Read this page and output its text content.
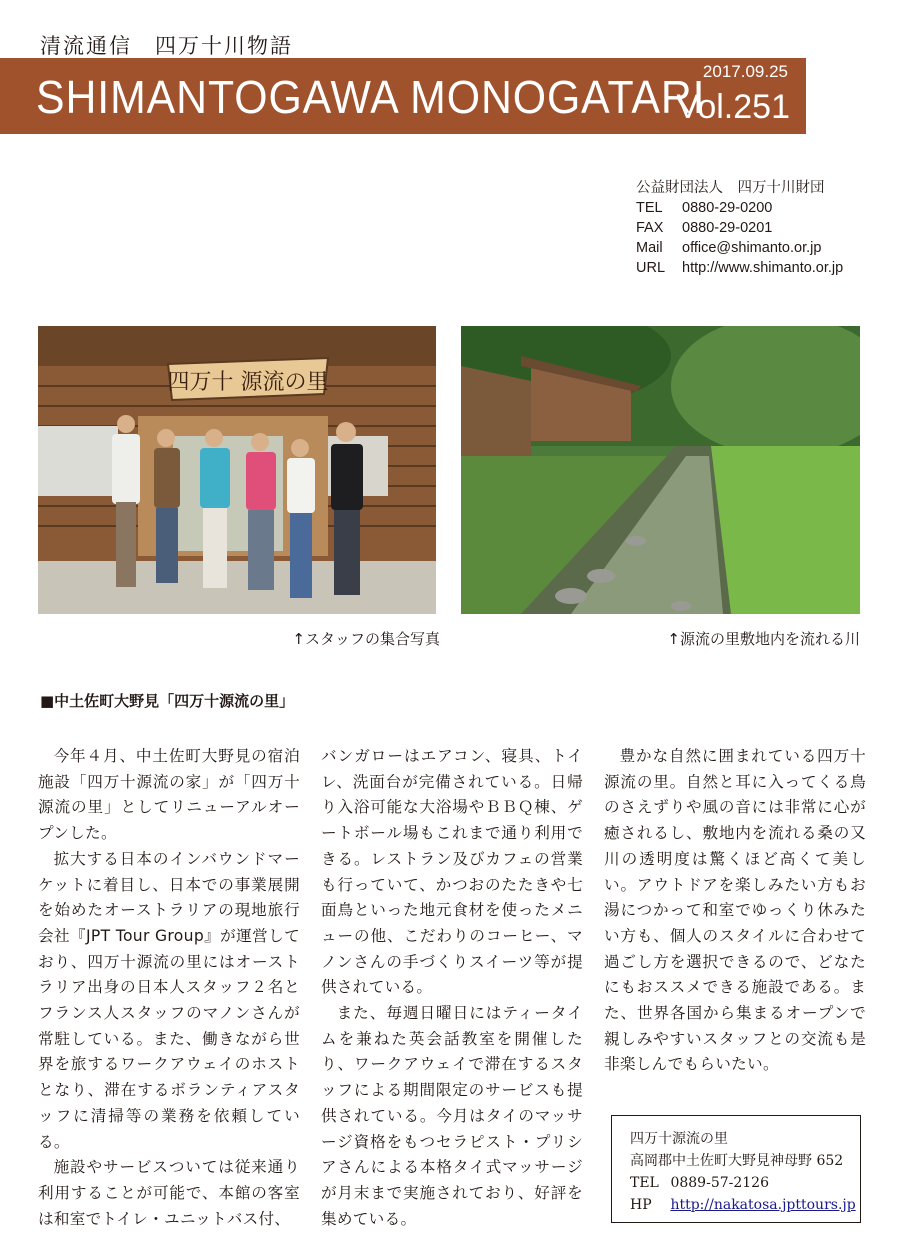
清流通信　四万十川物語
SHIMANTOGAWA MONOGATARI
2017.09.25
Vol.251
公益財団法人　四万十川財団
TEL 0880-29-0200
FAX 0880-29-0201
Mail office@shimanto.or.jp
URL http://www.shimanto.or.jp
四万十 源流の里
↑スタッフの集合写真	↑源流の里敷地内を流れる川
■中土佐町大野見「四万十源流の里」

今年４月、中土佐町大野見の宿泊施設「四万十源流の家」が「四万十源流の里」としてリニューアルオープンした。

拡大する日本のインバウンドマーケットに着目し、日本での事業展開を始めたオーストラリアの現地旅行会社『JPT Tour Group』が運営しており、四万十源流の里にはオーストラリア出身の日本人スタッフ２名とフランス人スタッフのマノンさんが常駐している。また、働きながら世界を旅するワークアウェイのホストとなり、滞在するボランティアスタッフに清掃等の業務を依頼している。

施設やサービスついては従来通り利用することが可能で、本館の客室は和室でトイレ・ユニットバス付、

バンガローはエアコン、寝具、トイレ、洗面台が完備されている。日帰り入浴可能な大浴場やＢＢＱ棟、ゲートボール場もこれまで通り利用できる。レストラン及びカフェの営業も行っていて、かつおのたたきや七面鳥といった地元食材を使ったメニューの他、こだわりのコーヒー、マノンさんの手づくりスイーツ等が提供されている。

また、毎週日曜日にはティータイムを兼ねた英会話教室を開催したり、ワークアウェイで滞在するスタッフによる期間限定のサービスも提供されている。今月はタイのマッサージ資格をもつセラピスト・プリシアさんによる本格タイ式マッサージが月末まで実施されており、好評を集めている。

豊かな自然に囲まれている四万十源流の里。自然と耳に入ってくる鳥のさえずりや風の音には非常に心が癒されるし、敷地内を流れる桑の又川の透明度は驚くほど高くて美しい。アウトドアを楽しみたい方もお湯につかって和室でゆっくり休みたい方も、個人のスタイルに合わせて過ごし方を選択できるので、どなたにもおススメできる施設である。また、世界各国から集まるオープンで親しみやすいスタッフとの交流も是非楽しんでもらいたい。

四万十源流の里
高岡郡中土佐町大野見神母野 652
TEL 0889-57-2126
HP http://nakatosa.jpttours.jp
